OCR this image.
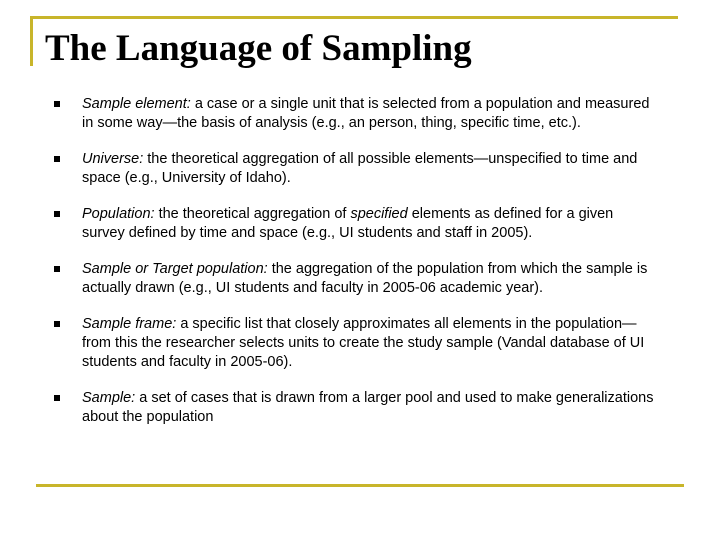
The Language of Sampling
Sample element: a case or a single unit that is selected from a population and measured in some way—the basis of analysis (e.g., an person, thing, specific time, etc.).
Universe: the theoretical aggregation of all possible elements—unspecified to time and space (e.g., University of Idaho).
Population: the theoretical aggregation of specified elements as defined for a given survey defined by time and space (e.g., UI students and staff in 2005).
Sample or Target population: the aggregation of the population from which the sample is actually drawn (e.g., UI students and faculty in 2005-06 academic year).
Sample frame: a specific list that closely approximates all elements in the population—from this the researcher selects units to create the study sample (Vandal database of UI students and faculty in 2005-06).
Sample: a set of cases that is drawn from a larger pool and used to make generalizations about the population
